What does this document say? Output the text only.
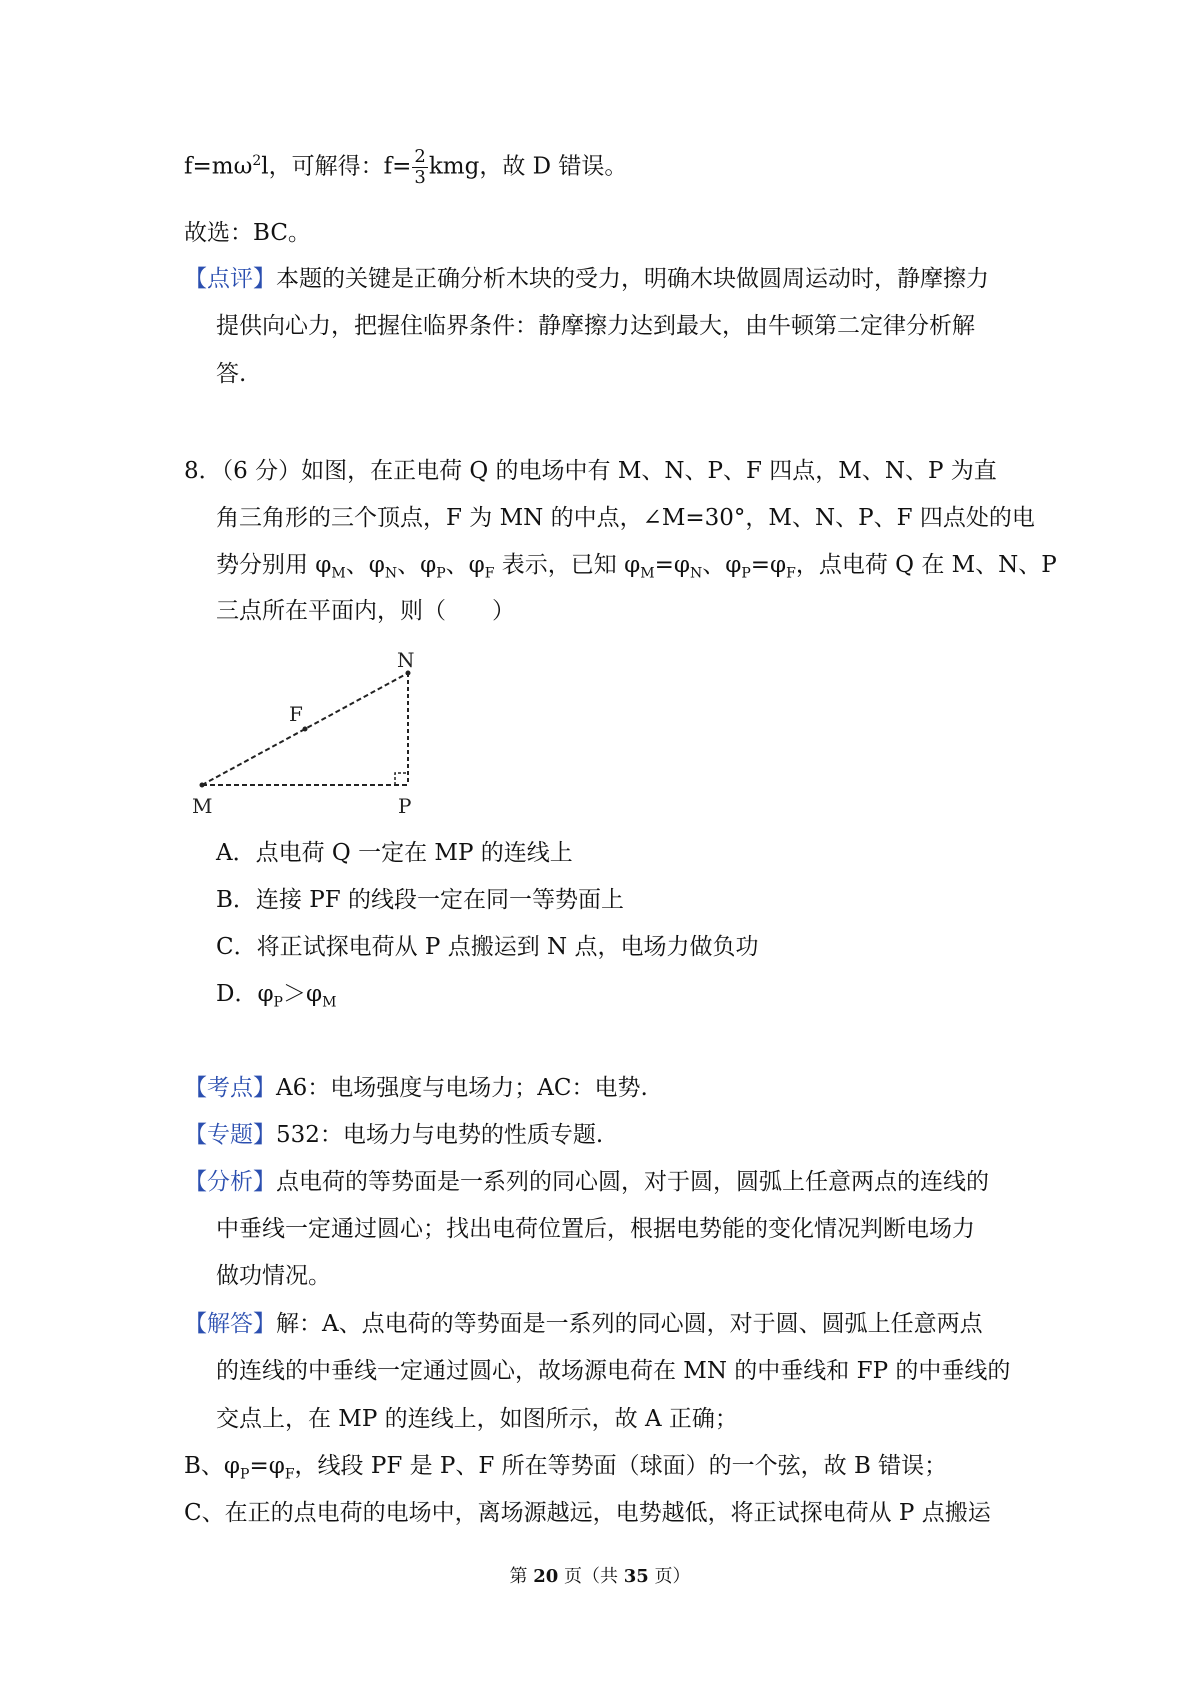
$f=m\omega^2l$，可解得：$f= \frac{2}{3}$ kmg，故 D 错误。
故选：BC。
【点评】本题的关键是正确分析木块的受力，明确木块做圆周运动时，静摩擦力
提供向心力，把握住临界条件：静摩擦力达到最大，由牛顿第二定律分析解
答.
8．（6 分）如图，在正电荷 Q 的电场中有 M、N、P、F 四点，M、N、P 为直
角三角形的三个顶点，F 为 MN 的中点，∠M=30°，M、N、P、F 四点处的电
势分别用 $\varphi_M$、$\varphi_N$、$\varphi_P$、$\varphi_F$ 表示，已知 $\varphi_M=\varphi_N$、$\varphi_P=\varphi_F$，点电荷 Q 在 M、N、P
三点所在平面内，则（　　）
N
F
M	P
A．点电荷 Q 一定在 MP 的连线上
B．连接 PF 的线段一定在同一等势面上
C．将正试探电荷从 P 点搬运到 N 点，电场力做负功
D．$\varphi_P>\varphi_M$
【考点】A6：电场强度与电场力；AC：电势.
【专题】532：电场力与电势的性质专题.
【分析】点电荷的等势面是一系列的同心圆，对于圆，圆弧上任意两点的连线的
中垂线一定通过圆心；找出电荷位置后，根据电势能的变化情况判断电场力
做功情况。
【解答】解：A、点电荷的等势面是一系列的同心圆，对于圆、圆弧上任意两点
的连线的中垂线一定通过圆心，故场源电荷在 MN 的中垂线和 FP 的中垂线的
交点上，在 MP 的连线上，如图所示，故 A 正确；
B、$\varphi_P=\varphi_F$，线段 PF 是 P、F 所在等势面（球面）的一个弦，故 B 错误；
C、在正的点电荷的电场中，离场源越远，电势越低，将正试探电荷从 P 点搬运
第 20 页（共 35 页）
